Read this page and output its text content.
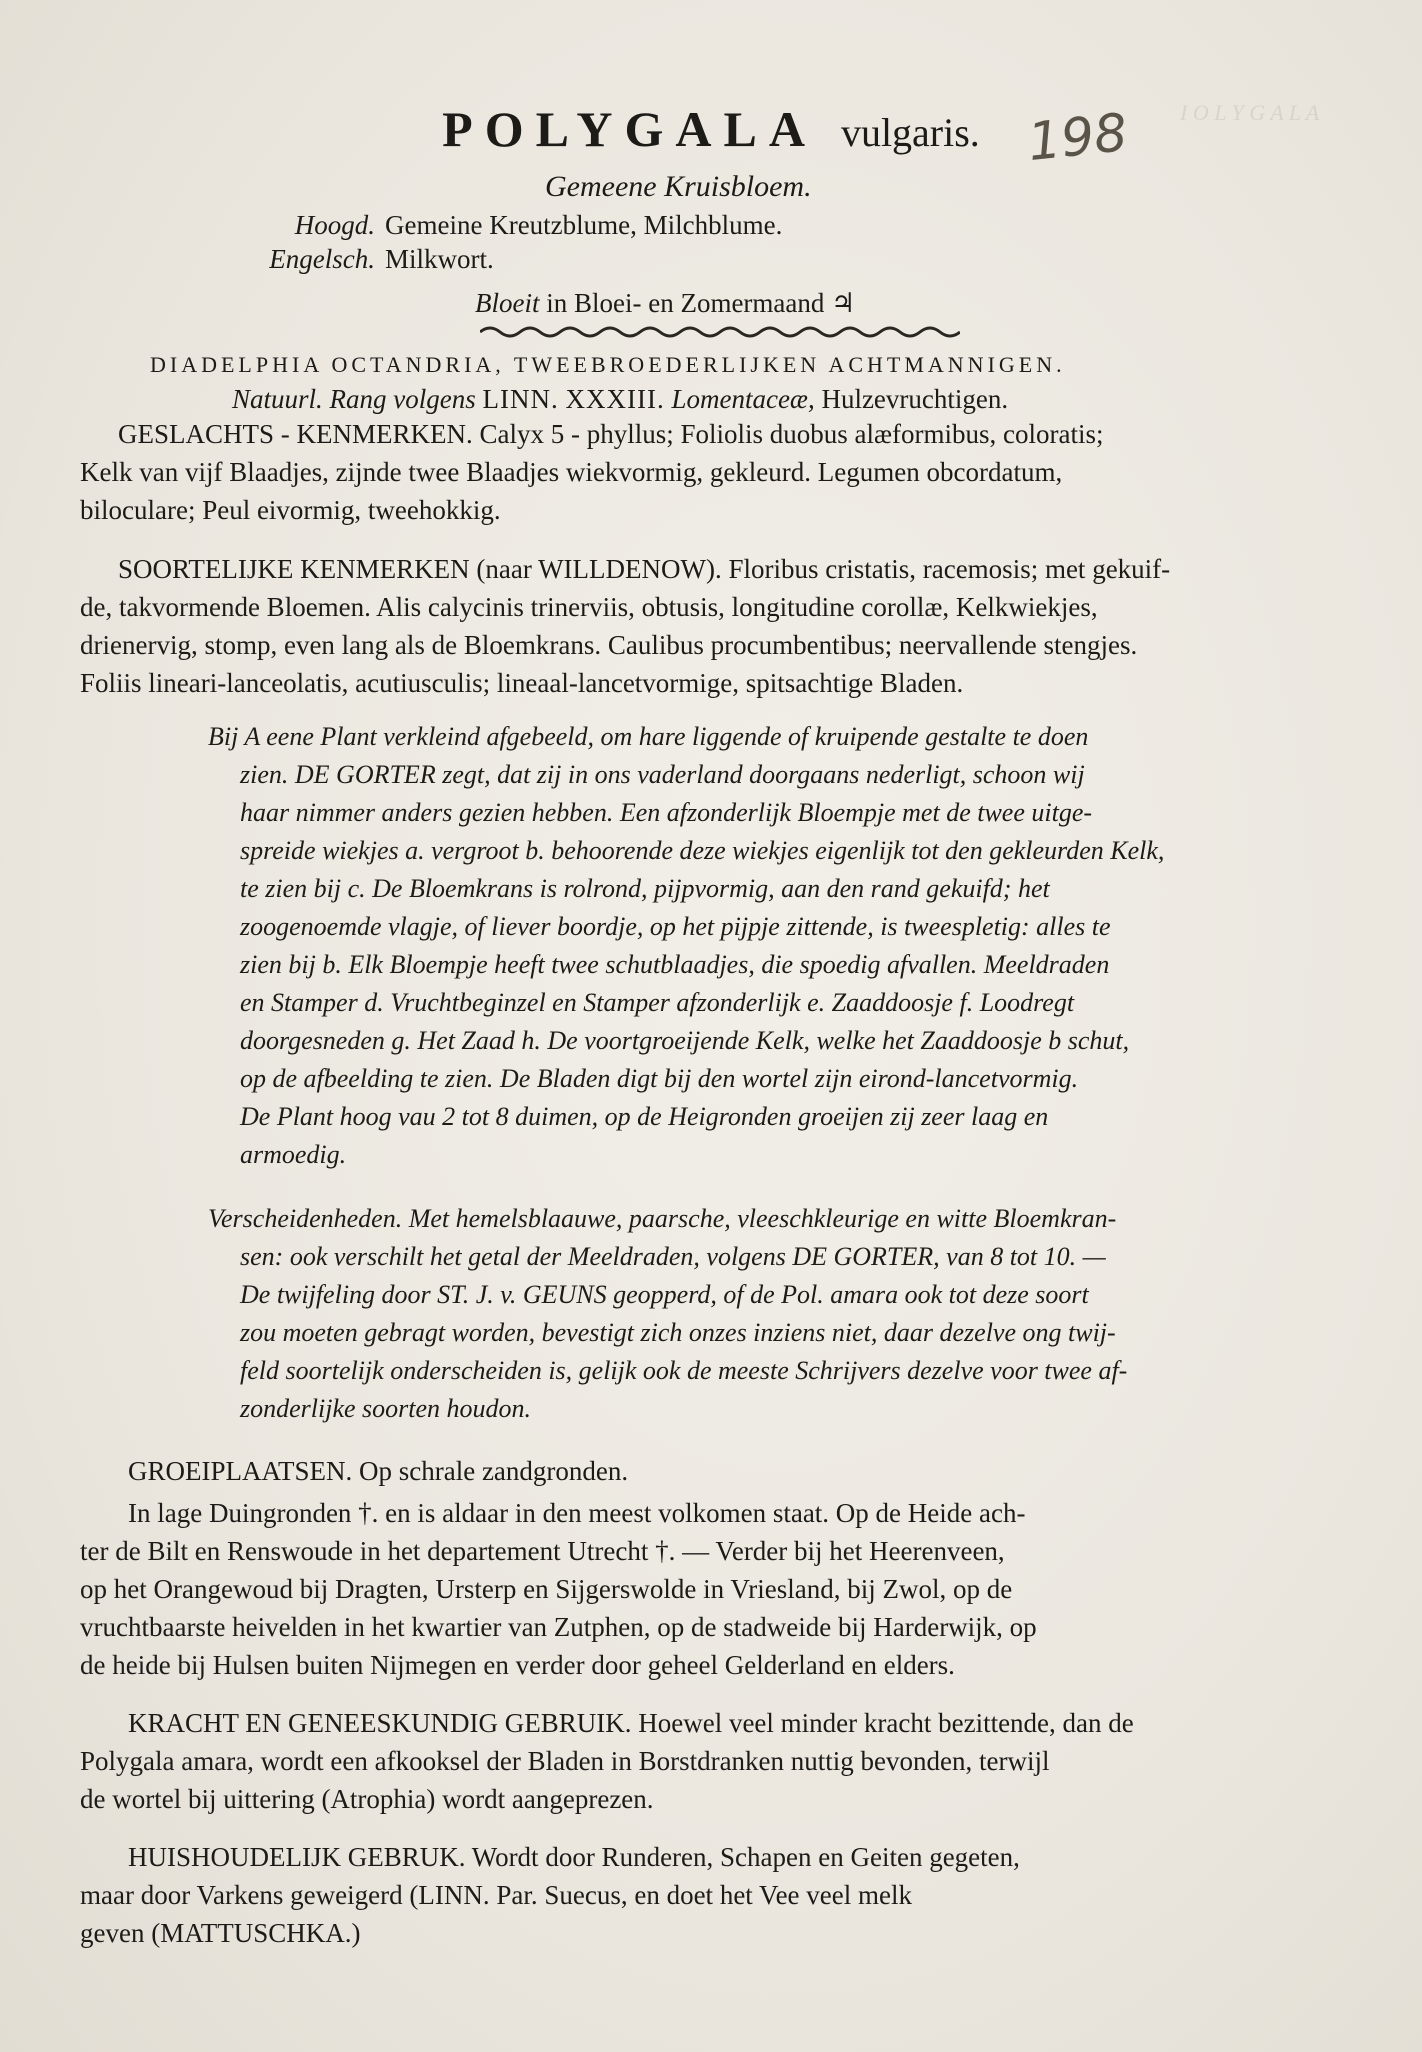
I O L Y G A L A
198
POLYGALA vulgaris.
Gemeene Kruisbloem.
Hoogd. Gemeine Kreutzblume, Milchblume.
Engelsch. Milkwort.
Bloeit in Bloei- en Zomermaand ♃
DIADELPHIA OCTANDRIA, TWEEBROEDERLIJKEN ACHTMANNIGEN.
Natuurl. Rang volgens LINN. XXXIII. Lomentaceæ, Hulzevruchtigen.
GESLACHTS - KENMERKEN. Calyx 5 - phyllus; Foliolis duobus alæformibus, coloratis;
Kelk van vijf Blaadjes, zijnde twee Blaadjes wiekvormig, gekleurd. Legumen obcordatum,
biloculare; Peul eivormig, tweehokkig.
SOORTELIJKE KENMERKEN (naar WILLDENOW). Floribus cristatis, racemosis; met gekuif-
de, takvormende Bloemen. Alis calycinis trinerviis, obtusis, longitudine corollæ, Kelkwiekjes,
drienervig, stomp, even lang als de Bloemkrans. Caulibus procumbentibus; neervallende stengjes.
Foliis lineari-lanceolatis, acutiusculis; lineaal-lancetvormige, spitsachtige Bladen.
Bij A eene Plant verkleind afgebeeld, om hare liggende of kruipende gestalte te doen
zien. DE GORTER zegt, dat zij in ons vaderland doorgaans nederligt, schoon wij
haar nimmer anders gezien hebben. Een afzonderlijk Bloempje met de twee uitge-
spreide wiekjes a. vergroot b. behoorende deze wiekjes eigenlijk tot den gekleurden Kelk,
te zien bij c. De Bloemkrans is rolrond, pijpvormig, aan den rand gekuifd; het
zoogenoemde vlagje, of liever boordje, op het pijpje zittende, is tweespletig: alles te
zien bij b. Elk Bloempje heeft twee schutblaadjes, die spoedig afvallen. Meeldraden
en Stamper d. Vruchtbeginzel en Stamper afzonderlijk e. Zaaddoosje f. Loodregt
doorgesneden g. Het Zaad h. De voortgroeijende Kelk, welke het Zaaddoosje b schut,
op de afbeelding te zien. De Bladen digt bij den wortel zijn eirond-lancetvormig.
De Plant hoog vau 2 tot 8 duimen, op de Heigronden groeijen zij zeer laag en
armoedig.
Verscheidenheden. Met hemelsblaauwe, paarsche, vleeschkleurige en witte Bloemkran-
sen: ook verschilt het getal der Meeldraden, volgens DE GORTER, van 8 tot 10. —
De twijfeling door ST. J. v. GEUNS geopperd, of de Pol. amara ook tot deze soort
zou moeten gebragt worden, bevestigt zich onzes inziens niet, daar dezelve ong twij-
feld soortelijk onderscheiden is, gelijk ook de meeste Schrijvers dezelve voor twee af-
zonderlijke soorten houdon.
GROEIPLAATSEN. Op schrale zandgronden.
In lage Duingronden †. en is aldaar in den meest volkomen staat. Op de Heide ach-
ter de Bilt en Renswoude in het departement Utrecht †. — Verder bij het Heerenveen,
op het Orangewoud bij Dragten, Ursterp en Sijgerswolde in Vriesland, bij Zwol, op de
vruchtbaarste heivelden in het kwartier van Zutphen, op de stadweide bij Harderwijk, op
de heide bij Hulsen buiten Nijmegen en verder door geheel Gelderland en elders.
KRACHT EN GENEESKUNDIG GEBRUIK. Hoewel veel minder kracht bezittende, dan de
Polygala amara, wordt een afkooksel der Bladen in Borstdranken nuttig bevonden, terwijl
de wortel bij uittering (Atrophia) wordt aangeprezen.
HUISHOUDELIJK GEBRUK. Wordt door Runderen, Schapen en Geiten gegeten,
maar door Varkens geweigerd (LINN. Par. Suecus, en doet het Vee veel melk
geven (MATTUSCHKA.)
